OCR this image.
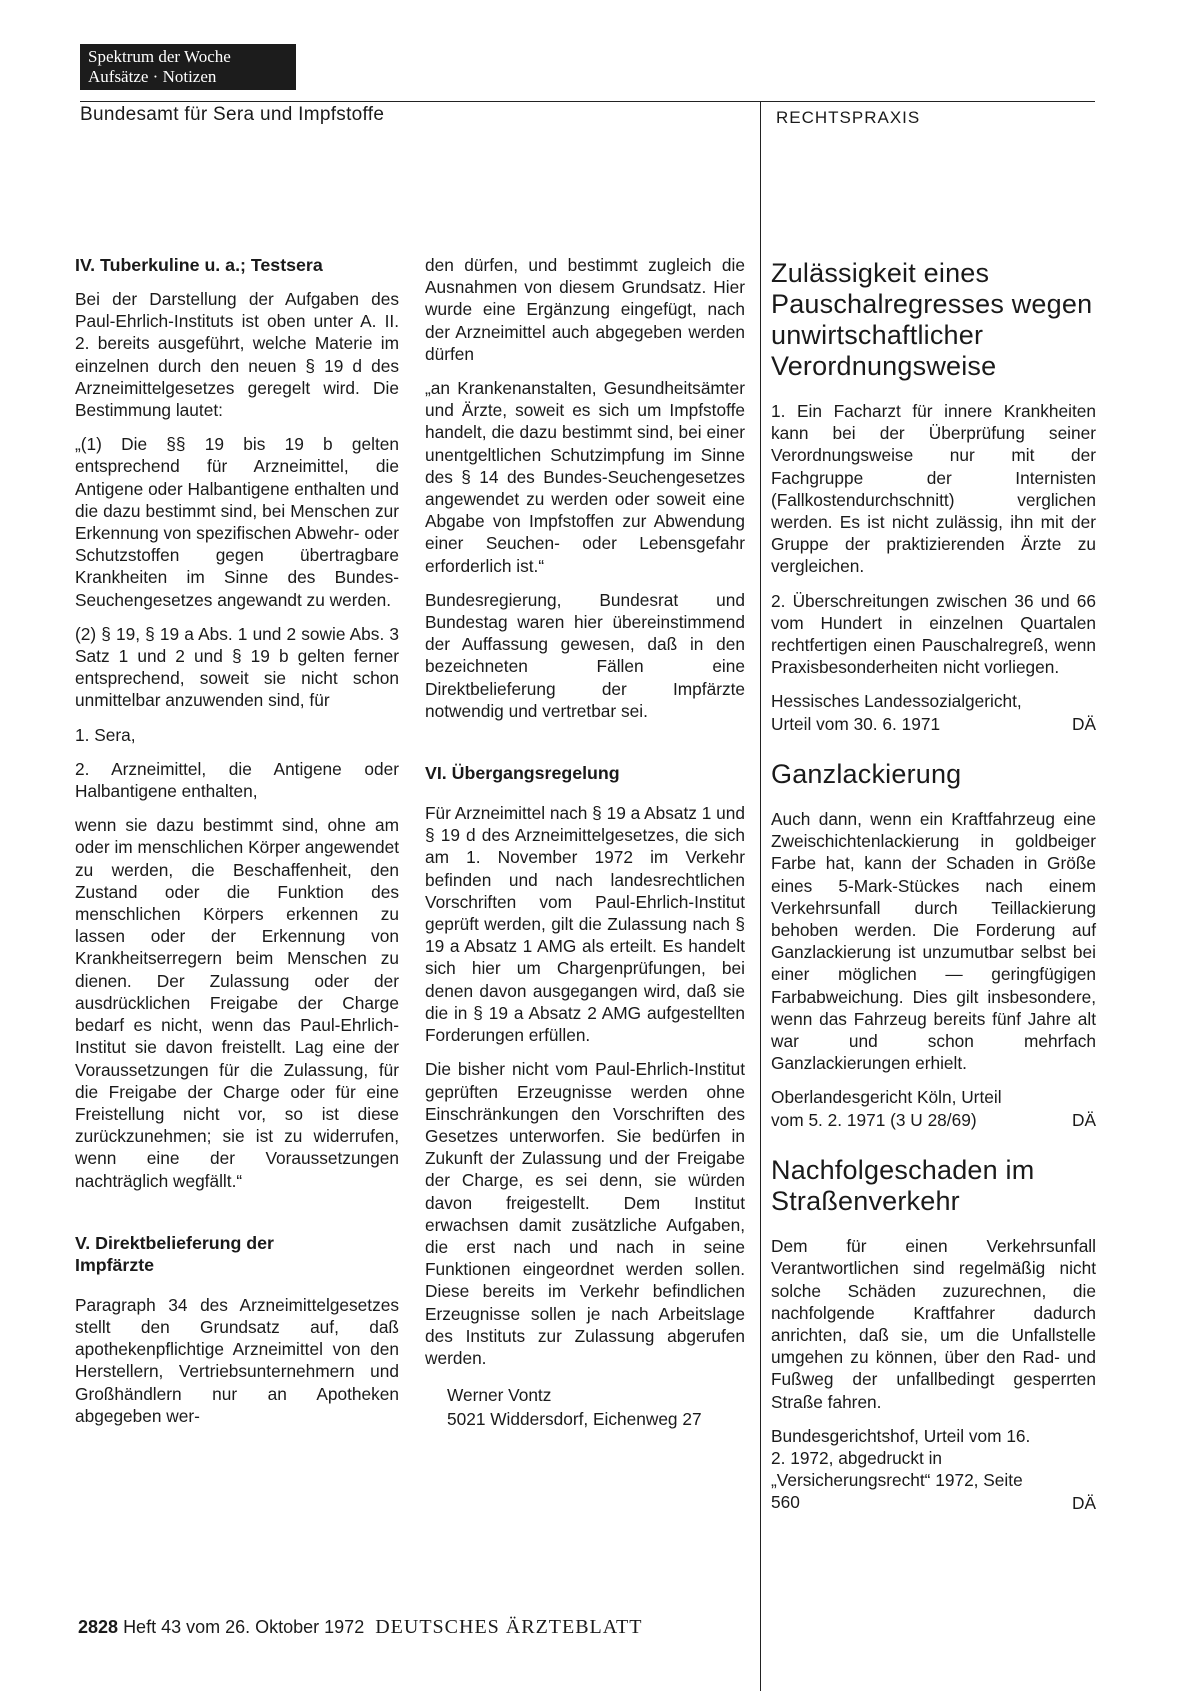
Spektrum der Woche
Aufsätze · Notizen
Bundesamt für Sera und Impfstoffe	RECHTSPRAXIS
IV. Tuberkuline u. a.; Testsera

Bei der Darstellung der Aufgaben des Paul-Ehrlich-Instituts ist oben unter A. II. 2. bereits ausgeführt, welche Materie im einzelnen durch den neuen § 19 d des Arzneimittelgesetzes geregelt wird. Die Bestimmung lautet:

„(1) Die §§ 19 bis 19 b gelten entsprechend für Arzneimittel, die Antigene oder Halbantigene enthalten und die dazu bestimmt sind, bei Menschen zur Erkennung von spezifischen Abwehr- oder Schutzstoffen gegen übertragbare Krankheiten im Sinne des Bundes-Seuchengesetzes angewandt zu werden.

(2) § 19, § 19 a Abs. 1 und 2 sowie Abs. 3 Satz 1 und 2 und § 19 b gelten ferner entsprechend, soweit sie nicht schon unmittelbar anzuwenden sind, für

1. Sera,

2. Arzneimittel, die Antigene oder Halbantigene enthalten,

wenn sie dazu bestimmt sind, ohne am oder im menschlichen Körper angewendet zu werden, die Beschaffenheit, den Zustand oder die Funktion des menschlichen Körpers erkennen zu lassen oder der Erkennung von Krankheitserregern beim Menschen zu dienen. Der Zulassung oder der ausdrücklichen Freigabe der Charge bedarf es nicht, wenn das Paul-Ehrlich-Institut sie davon freistellt. Lag eine der Voraussetzungen für die Zulassung, für die Freigabe der Charge oder für eine Freistellung nicht vor, so ist diese zurückzunehmen; sie ist zu widerrufen, wenn eine der Voraussetzungen nachträglich wegfällt.“

V. Direktbelieferung der Impfärzte

Paragraph 34 des Arzneimittelgesetzes stellt den Grundsatz auf, daß apothekenpflichtige Arzneimittel von den Herstellern, Vertriebsunternehmern und Großhändlern nur an Apotheken abgegeben wer-

den dürfen, und bestimmt zugleich die Ausnahmen von diesem Grundsatz. Hier wurde eine Ergänzung eingefügt, nach der Arzneimittel auch abgegeben werden dürfen

„an Krankenanstalten, Gesundheitsämter und Ärzte, soweit es sich um Impfstoffe handelt, die dazu bestimmt sind, bei einer unentgeltlichen Schutzimpfung im Sinne des § 14 des Bundes-Seuchengesetzes angewendet zu werden oder soweit eine Abgabe von Impfstoffen zur Abwendung einer Seuchen- oder Lebensgefahr erforderlich ist.“

Bundesregierung, Bundesrat und Bundestag waren hier übereinstimmend der Auffassung gewesen, daß in den bezeichneten Fällen eine Direktbelieferung der Impfärzte notwendig und vertretbar sei.

VI. Übergangsregelung

Für Arzneimittel nach § 19 a Absatz 1 und § 19 d des Arzneimittelgesetzes, die sich am 1. November 1972 im Verkehr befinden und nach landesrechtlichen Vorschriften vom Paul-Ehrlich-Institut geprüft werden, gilt die Zulassung nach § 19 a Absatz 1 AMG als erteilt. Es handelt sich hier um Chargenprüfungen, bei denen davon ausgegangen wird, daß sie die in § 19 a Absatz 2 AMG aufgestellten Forderungen erfüllen.

Die bisher nicht vom Paul-Ehrlich-Institut geprüften Erzeugnisse werden ohne Einschränkungen den Vorschriften des Gesetzes unterworfen. Sie bedürfen in Zukunft der Zulassung und der Freigabe der Charge, es sei denn, sie würden davon freigestellt. Dem Institut erwachsen damit zusätzliche Aufgaben, die erst nach und nach in seine Funktionen eingeordnet werden sollen. Diese bereits im Verkehr befindlichen Erzeugnisse sollen je nach Arbeitslage des Instituts zur Zulassung abgerufen werden.

Werner Vontz
5021 Widdersdorf, Eichenweg 27
Zulässigkeit eines Pauschalregresses wegen unwirtschaftlicher Verordnungsweise

1. Ein Facharzt für innere Krankheiten kann bei der Überprüfung seiner Verordnungsweise nur mit der Fachgruppe der Internisten (Fallkostendurchschnitt) verglichen werden. Es ist nicht zulässig, ihn mit der Gruppe der praktizierenden Ärzte zu vergleichen.

2. Überschreitungen zwischen 36 und 66 vom Hundert in einzelnen Quartalen rechtfertigen einen Pauschalregreß, wenn Praxisbesonderheiten nicht vorliegen.

Hessisches Landessozialgericht, Urteil vom 30. 6. 1971	DÄ
Ganzlackierung

Auch dann, wenn ein Kraftfahrzeug eine Zweischichtenlackierung in goldbeiger Farbe hat, kann der Schaden in Größe eines 5-Mark-Stückes nach einem Verkehrsunfall durch Teillackierung behoben werden. Die Forderung auf Ganzlackierung ist unzumutbar selbst bei einer möglichen — geringfügigen Farbabweichung. Dies gilt insbesondere, wenn das Fahrzeug bereits fünf Jahre alt war und schon mehrfach Ganzlackierungen erhielt.

Oberlandesgericht Köln, Urteil vom 5. 2. 1971 (3 U 28/69)	DÄ
Nachfolgeschaden im Straßenverkehr

Dem für einen Verkehrsunfall Verantwortlichen sind regelmäßig nicht solche Schäden zuzurechnen, die nachfolgende Kraftfahrer dadurch anrichten, daß sie, um die Unfallstelle umgehen zu können, über den Rad- und Fußweg der unfallbedingt gesperrten Straße fahren.

Bundesgerichtshof, Urteil vom 16. 2. 1972, abgedruckt in „Versicherungsrecht“ 1972, Seite 560	DÄ
2828 Heft 43 vom 26. Oktober 1972 DEUTSCHES ÄRZTEBLATT
